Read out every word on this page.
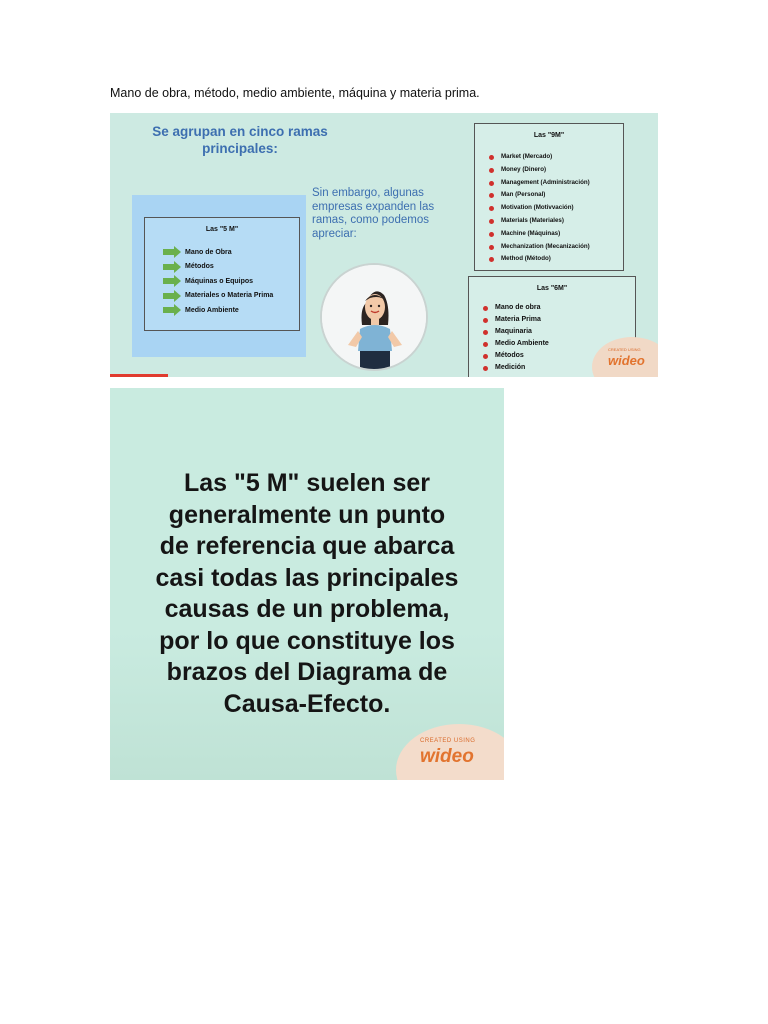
Mano de obra, método, medio ambiente, máquina y materia prima.
Se agrupan en cinco ramas
principales:
Las "5 M"
Mano de Obra
Métodos
Máquinas o Equipos
Materiales o Materia Prima
Medio Ambiente
Sin embargo, algunas
empresas expanden las
ramas, como podemos
apreciar:
Las "9M"
Market (Mercado)
Money (Dinero)
Management (Administración)
Man (Personal)
Motivation (Motivvación)
Materials (Materiales)
Machine (Máquinas)
Mechanization (Mecanización)
Method (Método)
Las "6M"
Mano de obra
Materia Prima
Maquinaria
Medio Ambiente
Métodos
Medición
CREATED USING
wideo
Las "5 M" suelen ser
generalmente un punto
de referencia que abarca
casi todas las principales
causas de un problema,
por lo que constituye los
brazos del Diagrama de
Causa-Efecto.
CREATED USING
wideo
